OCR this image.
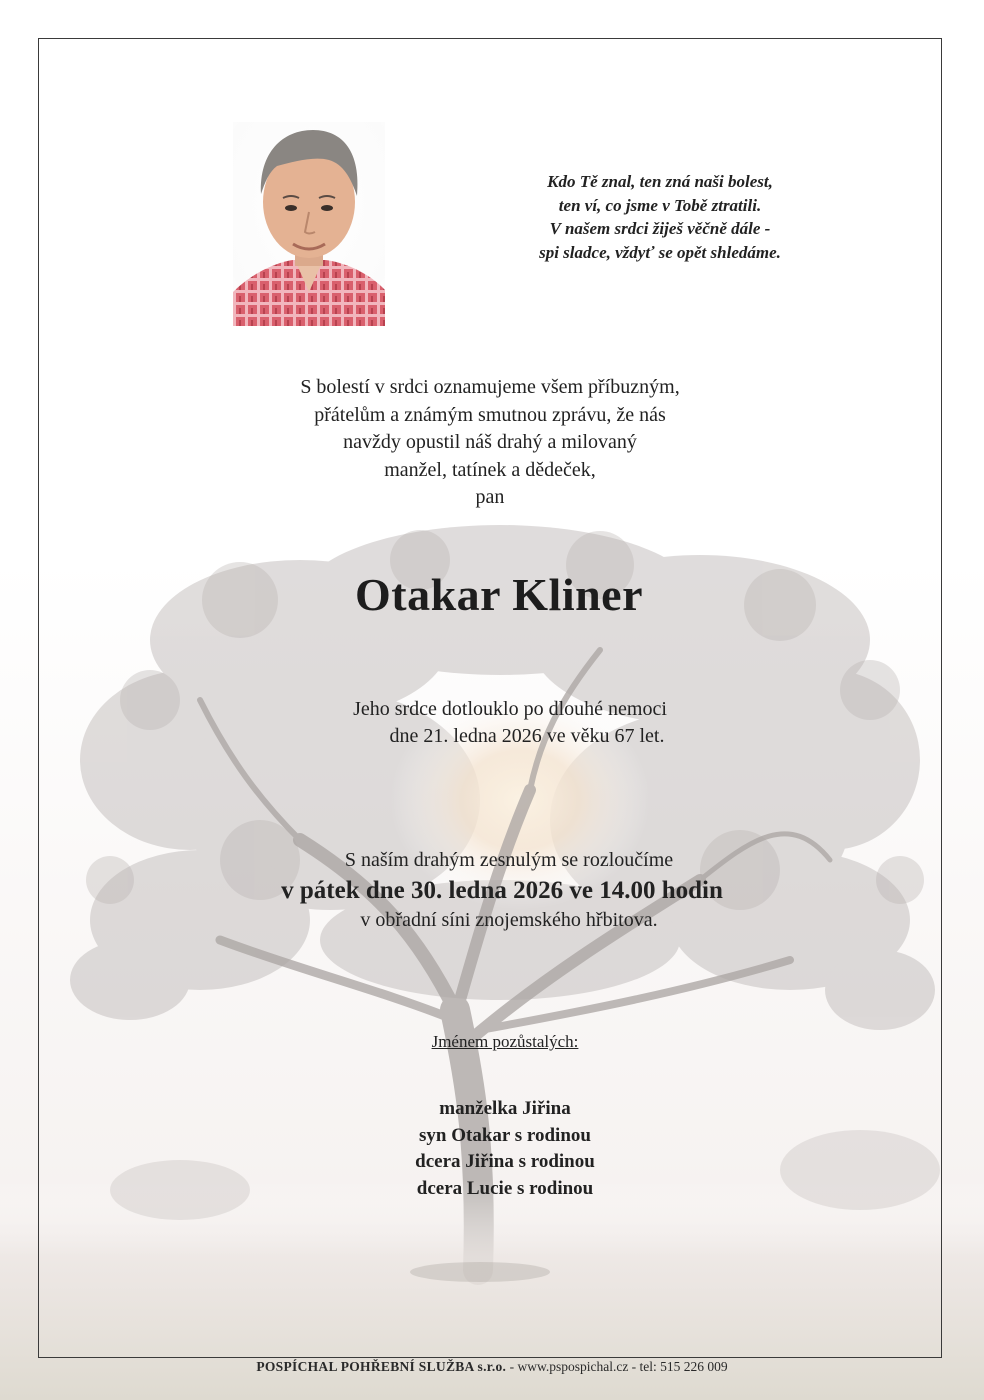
Kdo Tě znal, ten zná naši bolest,
ten ví, co jsme v Tobě ztratili.
V našem srdci žiješ věčně dále -
spi sladce, vždyť se opět shledáme.
S bolestí v srdci oznamujeme všem příbuzným,
přátelům a známým smutnou zprávu, že nás
navždy opustil náš drahý a milovaný
manžel, tatínek a dědeček,
pan
Otakar Kliner
Jeho srdce dotlouklo po dlouhé nemoci
dne 21. ledna 2026 ve věku 67 let.
S naším drahým zesnulým se rozloučíme
v pátek dne 30. ledna 2026 ve 14.00 hodin
v obřadní síni znojemského hřbitova.
Jménem pozůstalých:
manželka Jiřina
syn Otakar s rodinou
dcera Jiřina s rodinou
dcera Lucie s rodinou
POSPÍCHAL POHŘEBNÍ SLUŽBA s.r.o. - www.pspospichal.cz - tel: 515 226 009
